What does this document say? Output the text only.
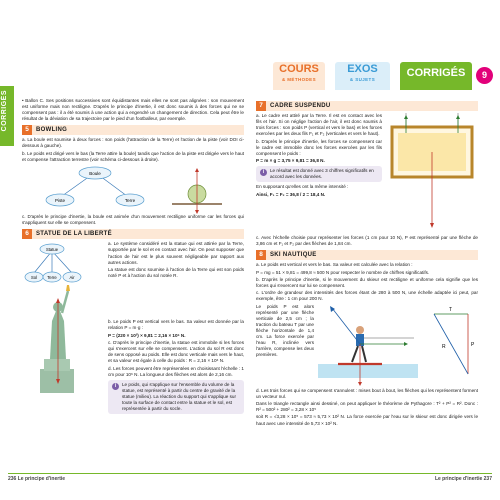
CORRIGÉS
COURS
& MÉTHODES
EXOS
& SUJETS
CORRIGÉS	9

• Ballon C. Ses positions successives sont équidistantes mais elles ne sont pas alignées : son mouvement est uniforme mais non rectiligne. D'après le principe d'inertie, il est donc soumis à des forces qui ne se compensent pas : il a été soumis à une action qui a engendré un changement de direction. Cela peut être le résultat de la déviation de sa trajectoire par le pied d'un footballeur, par exemple.

5	BOWLING

a. La boule est soumise à deux forces : son poids (l'attraction de la Terre) et l'action de la piste (voir DOI ci-dessous à gauche).

b. Le poids est dirigé vers le bas (la Terre attire la boule) tandis que l'action de la piste est dirigée vers le haut et compense l'attraction terrestre (voir schéma ci-dessous à droite).

Boule
Piste	Terre

c. D'après le principe d'inertie, la boule est animée d'un mouvement rectiligne uniforme car les forces qui s'appliquent sur elle se compensent.

6	STATUE DE LA LIBERTÉ
Statue
Sol Terre	Air

a. Le système considéré est la statue qui est attirée par la Terre, supportée par le sol et en contact avec l'air. On peut supposer que l'action de l'air est le plus souvent négligeable par rapport aux autres actions.

La statue est donc soumise à l'action de la Terre qui est son poids noté P et à l'action du sol notée R.

b. Le poids P est vertical vers le bas. Sa valeur est donnée par la relation P = m·g :

P = (220 × 10³) × 9,81 = 2,16 × 10⁶ N.

c. D'après le principe d'inertie, la statue est immobile si les forces qui s'exercent sur elle se compensent. L'action du sol R est donc de sens opposé au poids. Elle est donc verticale mais vers le haut, et sa valeur est égale à celle du poids : R = 2,16 × 10⁶ N.

d. Les forces peuvent être représentées en choisissant l'échelle : 1 cm pour 10⁶ N. La longueur des flèches est alors de 2,16 cm.

i	Le poids, qui s'applique sur l'ensemble du volume de la statue, est représenté à partir du centre de gravité de la statue (milieu). La réaction du support qui s'applique sur toute la surface de contact entre la statue et le sol, est représentée à partir du socle.
7	CADRE SUSPENDU

a. Le cadre est attiré par la Terre. Il est en contact avec les fils et l'air. Si on néglige l'action de l'air, il est donc soumis à trois forces : son poids P (vertical et vers le bas) et les forces exercées par les deux fils F₁ et F₂ (verticales et vers le haut).

b. D'après le principe d'inertie, les forces se compensent car le cadre est immobile donc les forces exercées par les fils compensent le poids :

P = m × g = 3,75 × 9,81 = 36,8 N.

i	Le résultat est donné avec 3 chiffres significatifs en accord avec les données.

En supposant qu'elles ont la même intensité :

Ainsi, F₁ = F₂ = 36,8 / 2 = 18,4 N.

c. Avec l'échelle choisie pour représenter les forces (1 cm pour 10 N), P est représenté par une flèche de 3,86 cm et F₁ et F₂ par des flèches de 1,84 cm.

8	SKI NAUTIQUE

a. Le poids est vertical et vers le bas. Sa valeur est calculée avec la relation :

P = mg = 51 × 9,81 = 499,8 ≈ 500 N pour respecter le nombre de chiffres significatifs.

b. D'après le principe d'inertie, si le mouvement du skieur est rectiligne et uniforme cela signifie que les forces qui s'exercent sur lui se compensent.

c. L'ordre de grandeur des intensités des forces étant de 280 à 500 N, une échelle adaptée ici peut, par exemple, être : 1 cm pour 200 N.

Le poids P est alors représenté par une flèche verticale de 2,5 cm ; la traction du bateau T par une flèche horizontale de 1,4 cm. La force exercée par l'eau R, inclinée vers l'arrière, compense les deux premières.

T
P
R

d. Les trois forces qui se compensent s'annulent : mises bout à bout, les flèches qui les représentent forment un vecteur nul.

Dans le triangle rectangle ainsi dessiné, on peut appliquer le théorème de Pythagore : T² + P² = R². Donc : R² = 500² + 280² = 3,28 × 10⁵

soit R = √3,28 × 10⁵ = 573 ≈ 5,73 × 10² N. La force exercée par l'eau sur le skieur est donc dirigée vers le haut avec une intensité de 5,73 × 10² N.

236 Le principe d'inertie	Le principe d'inertie 237
